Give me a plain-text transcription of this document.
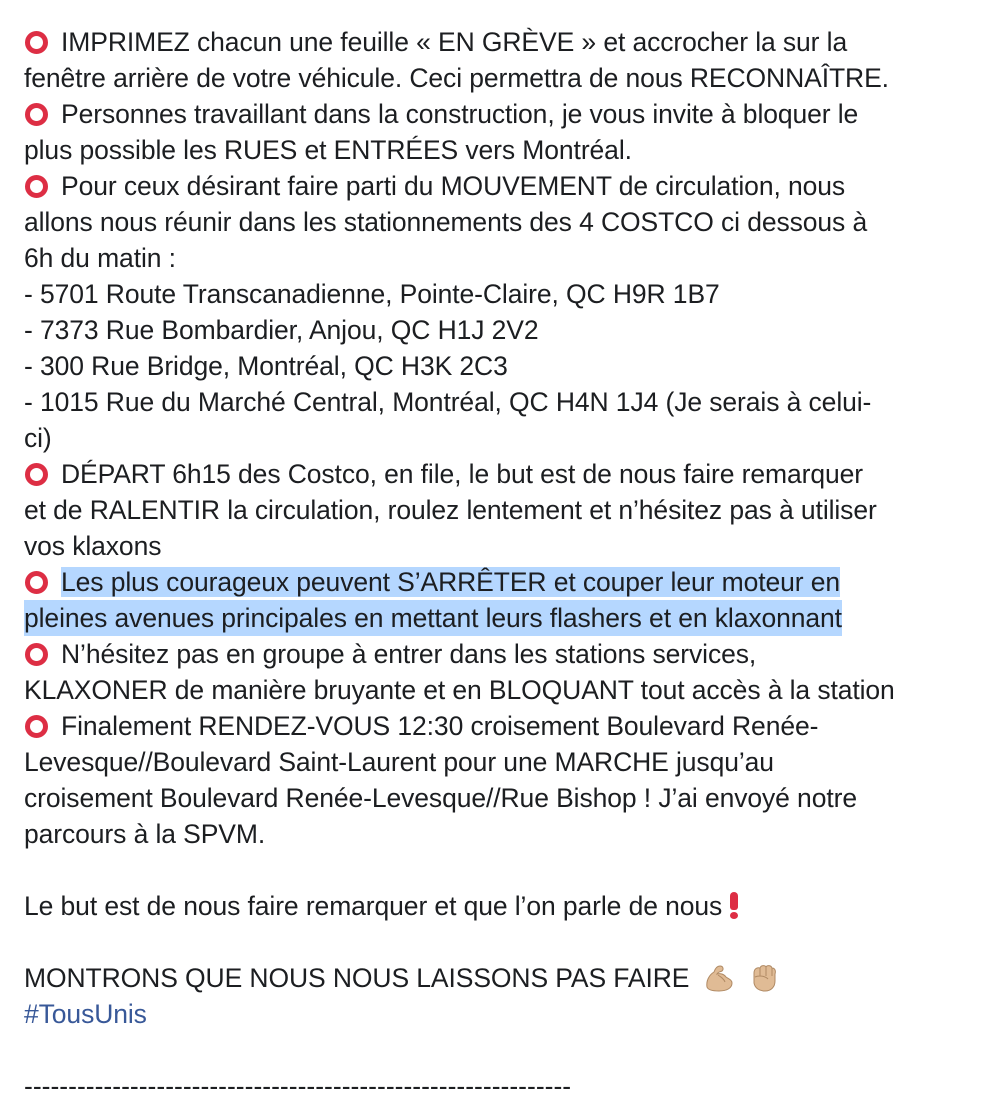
IMPRIMEZ chacun une feuille « EN GRÈVE » et accrocher la sur la
fenêtre arrière de votre véhicule. Ceci permettra de nous RECONNAÎTRE.
Personnes travaillant dans la construction, je vous invite à bloquer le
plus possible les RUES et ENTRÉES vers Montréal.
Pour ceux désirant faire parti du MOUVEMENT de circulation, nous
allons nous réunir dans les stationnements des 4 COSTCO ci dessous à
6h du matin :
- 5701 Route Transcanadienne, Pointe-Claire, QC H9R 1B7
- 7373 Rue Bombardier, Anjou, QC H1J 2V2
- 300 Rue Bridge, Montréal, QC H3K 2C3
- 1015 Rue du Marché Central, Montréal, QC H4N 1J4 (Je serais à celui-
ci)
DÉPART 6h15 des Costco, en file, le but est de nous faire remarquer
et de RALENTIR la circulation, roulez lentement et n’hésitez pas à utiliser
vos klaxons
Les plus courageux peuvent S’ARRÊTER et couper leur moteur en
pleines avenues principales en mettant leurs flashers et en klaxonnant
N’hésitez pas en groupe à entrer dans les stations services,
KLAXONER de manière bruyante et en BLOQUANT tout accès à la station
Finalement RENDEZ-VOUS 12:30 croisement Boulevard Renée-
Levesque//Boulevard Saint-Laurent pour une MARCHE jusqu’au
croisement Boulevard Renée-Levesque//Rue Bishop ! J’ai envoyé notre
parcours à la SPVM.
Le but est de nous faire remarquer et que l’on parle de nous
MONTRONS QUE NOUS NOUS LAISSONS PAS FAIRE
#TousUnis
--------------------------------------------------------------
